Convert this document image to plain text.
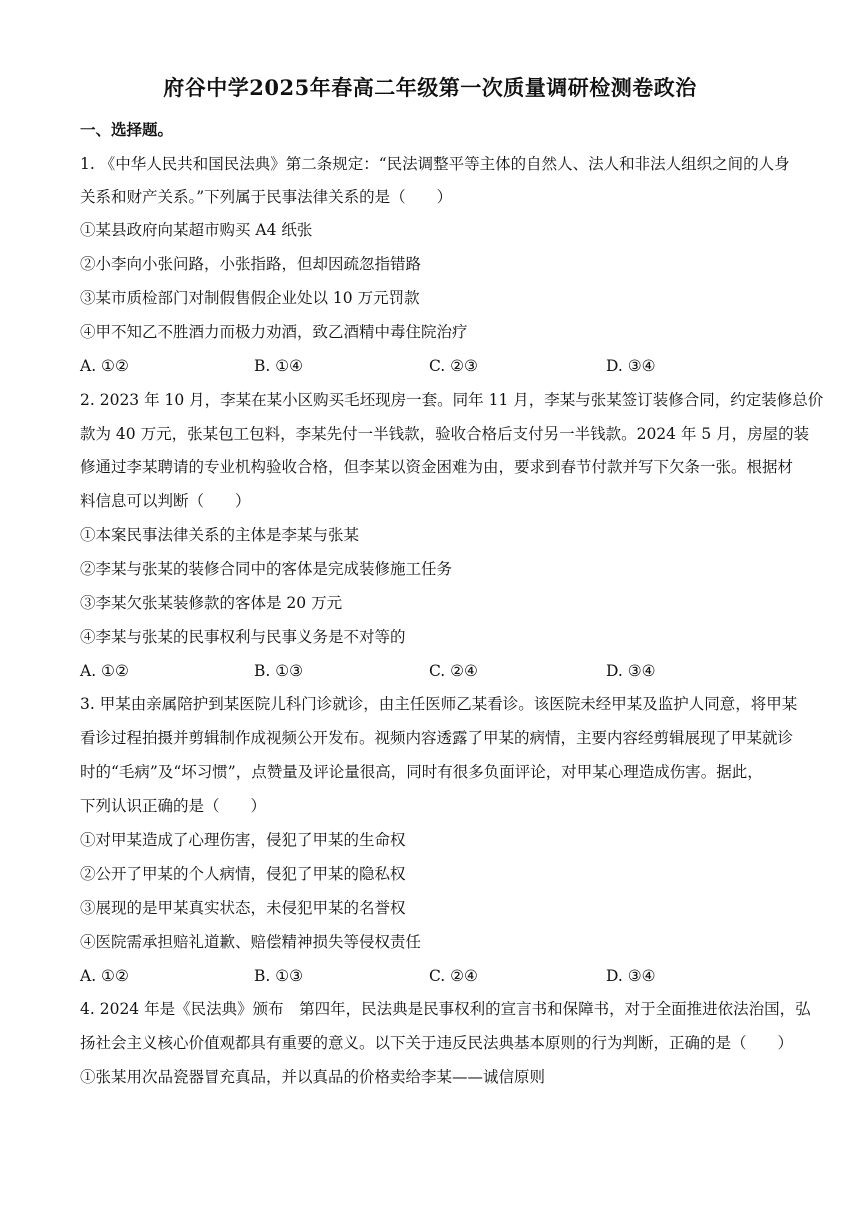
府谷中学2025年春高二年级第一次质量调研检测卷政治
一、选择题。
1. 《中华人民共和国民法典》第二条规定：“民法调整平等主体的自然人、法人和非法人组织之间的人身
关系和财产关系。”下列属于民事法律关系的是（　　）
①某县政府向某超市购买 A4 纸张
②小李向小张问路，小张指路，但却因疏忽指错路
③某市质检部门对制假售假企业处以 10 万元罚款
④甲不知乙不胜酒力而极力劝酒，致乙酒精中毒住院治疗
A. ①②	B. ①④	C. ②③	D. ③④
2. 2023 年 10 月，李某在某小区购买毛坯现房一套。同年 11 月，李某与张某签订装修合同，约定装修总价
款为 40 万元，张某包工包料，李某先付一半钱款，验收合格后支付另一半钱款。2024 年 5 月，房屋的装
修通过李某聘请的专业机构验收合格，但李某以资金困难为由，要求到春节付款并写下欠条一张。根据材
料信息可以判断（　　）
①本案民事法律关系的主体是李某与张某
②李某与张某的装修合同中的客体是完成装修施工任务
③李某欠张某装修款的客体是 20 万元
④李某与张某的民事权利与民事义务是不对等的
A. ①②	B. ①③	C. ②④	D. ③④
3. 甲某由亲属陪护到某医院儿科门诊就诊，由主任医师乙某看诊。该医院未经甲某及监护人同意，将甲某
看诊过程拍摄并剪辑制作成视频公开发布。视频内容透露了甲某的病情，主要内容经剪辑展现了甲某就诊
时的“毛病”及“坏习惯”，点赞量及评论量很高，同时有很多负面评论，对甲某心理造成伤害。据此，
下列认识正确的是（　　）
①对甲某造成了心理伤害，侵犯了甲某的生命权
②公开了甲某的个人病情，侵犯了甲某的隐私权
③展现的是甲某真实状态，未侵犯甲某的名誉权
④医院需承担赔礼道歉、赔偿精神损失等侵权责任
A. ①②	B. ①③	C. ②④	D. ③④
4. 2024 年是《民法典》颁布　第四年，民法典是民事权利的宣言书和保障书，对于全面推进依法治国，弘
扬社会主义核心价值观都具有重要的意义。以下关于违反民法典基本原则的行为判断，正确的是（　　）
①张某用次品瓷器冒充真品，并以真品的价格卖给李某——诚信原则
